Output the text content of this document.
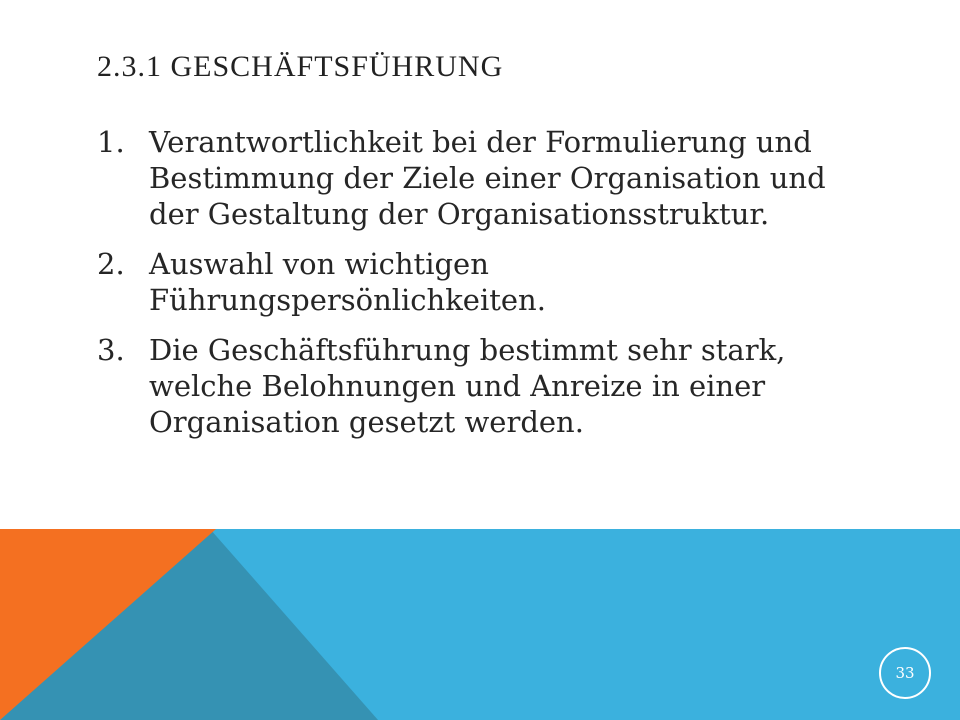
2.3.1 GESCHÄFTSFÜHRUNG
1. Verantwortlichkeit bei der Formulierung und Bestimmung der Ziele einer Organisation und der Gestaltung der Organisationsstruktur.
2. Auswahl von wichtigen Führungspersönlichkeiten.
3. Die Geschäftsführung bestimmt sehr stark, welche Belohnungen und Anreize in einer Organisation gesetzt werden.
33
